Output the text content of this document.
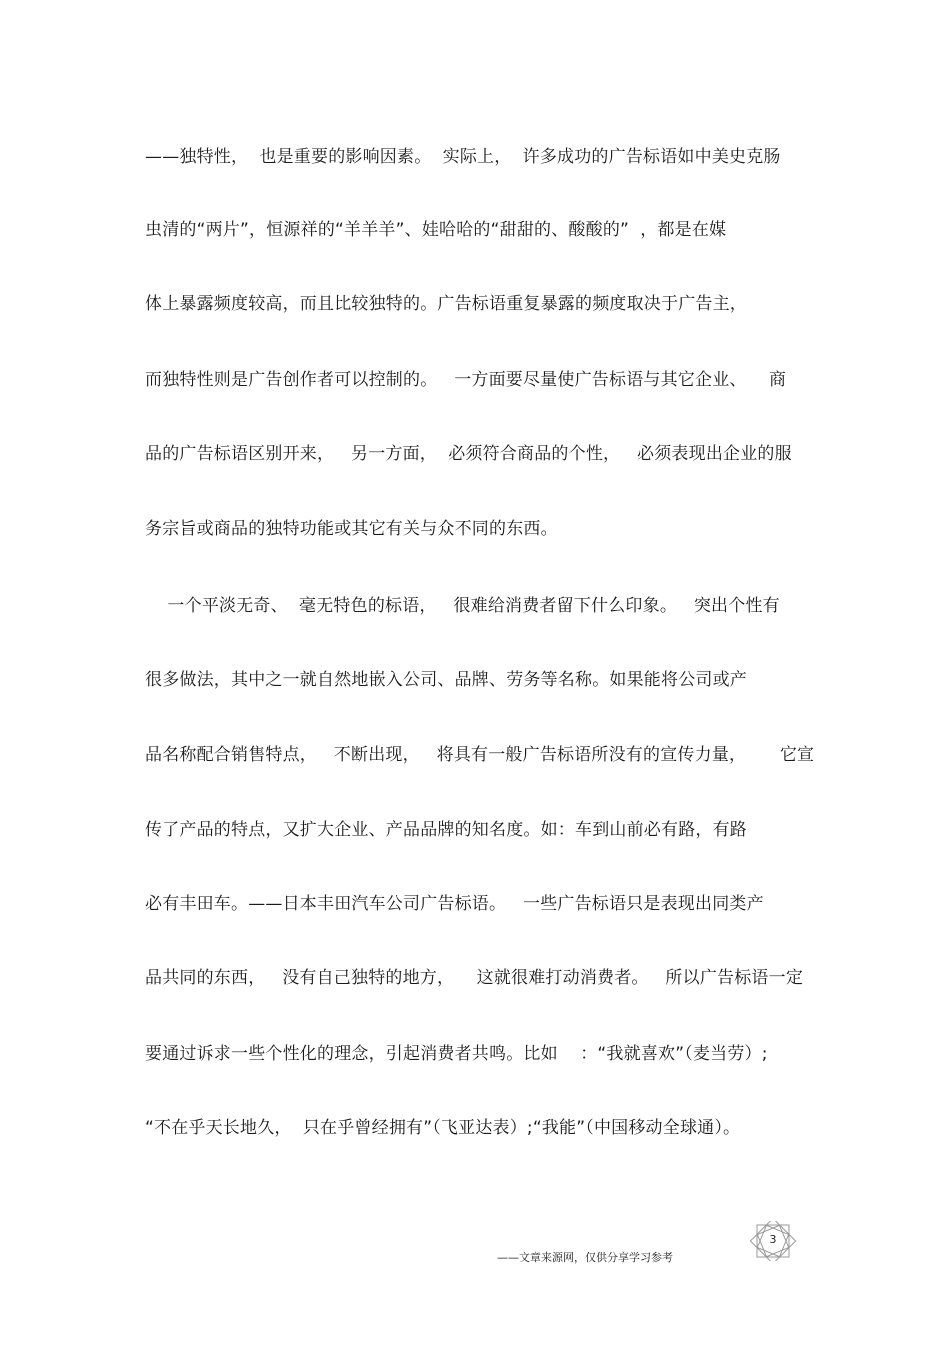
——独特性，  也是重要的影响因素。  实际上，  许多成功的广告标语如中美史克肠
虫清的“两片”，恒源祥的“羊羊羊”、娃哈哈的“甜甜的、酸酸的”  ，都是在媒
体上暴露频度较高，而且比较独特的。广告标语重复暴露的频度取决于广告主，
而独特性则是广告创作者可以控制的。   一方面要尽量使广告标语与其它企业、    商
品的广告标语区别开来，   另一方面，  必须符合商品的个性，   必须表现出企业的服
务宗旨或商品的独特功能或其它有关与众不同的东西。
一个平淡无奇、  毫无特色的标语，   很难给消费者留下什么印象。   突出个性有
很多做法，其中之一就自然地嵌入公司、品牌、劳务等名称。如果能将公司或产
品名称配合销售特点，   不断出现，   将具有一般广告标语所没有的宣传力量，      它宣
传了产品的特点，又扩大企业、产品品牌的知名度。如：车到山前必有路，有路
必有丰田车。——日本丰田汽车公司广告标语。   一些广告标语只是表现出同类产
品共同的东西，   没有自己独特的地方，    这就很难打动消费者。   所以广告标语一定
要通过诉求一些个性化的理念，引起消费者共鸣。比如    ：“我就喜欢”（麦当劳）;
“不在乎天长地久，  只在乎曾经拥有”（飞亚达表）;“我能”（中国移动全球通）。
——文章来源网，仅供分享学习参考
3
